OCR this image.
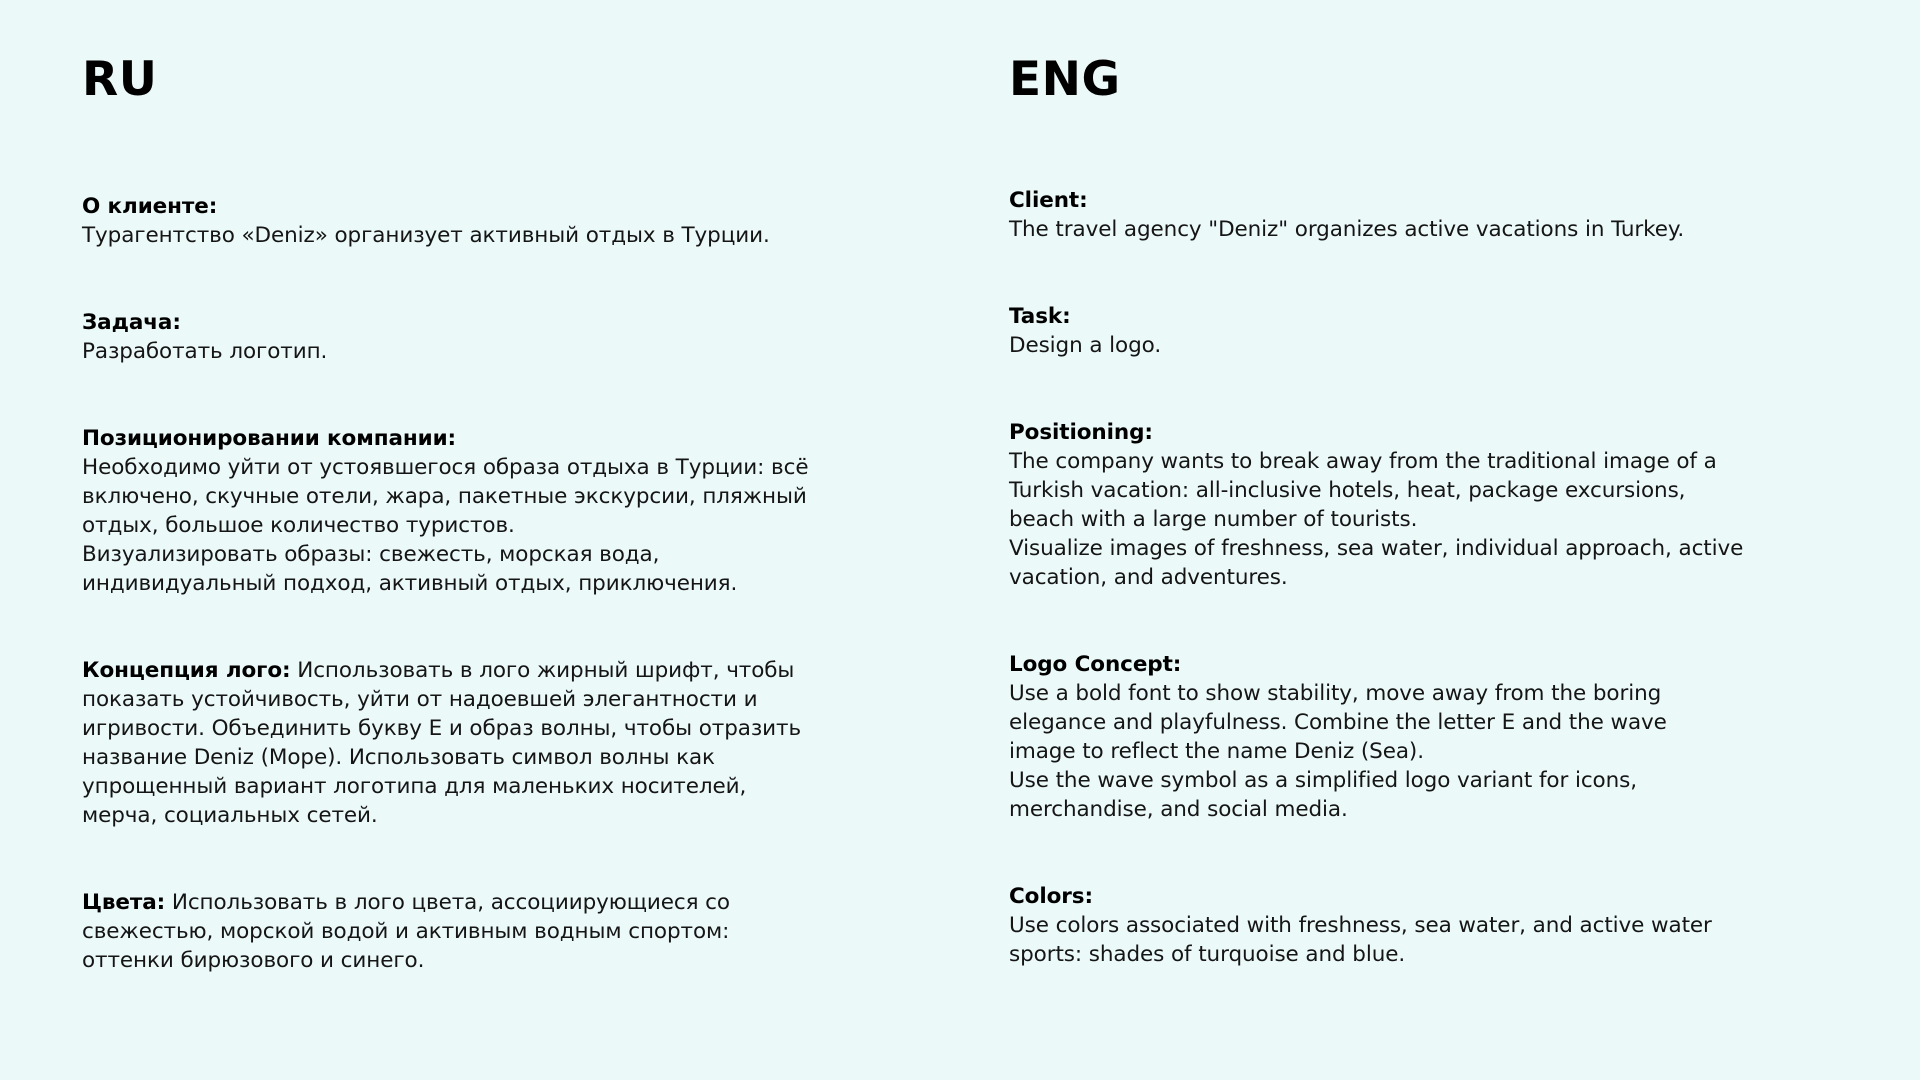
RU
О клиенте:
Турагентство «Deniz» организует активный отдых в Турции.
Задача:
Разработать логотип.
Позиционировании компании:
Необходимо уйти от устоявшегося образа отдыха в Турции: всё
включено, скучные отели, жара, пакетные экскурсии, пляжный
отдых, большое количество туристов.
Визуализировать образы: свежесть, морская вода,
индивидуальный подход, активный отдых, приключения.
Концепция лого: Использовать в лого жирный шрифт, чтобы
показать устойчивость, уйти от надоевшей элегантности и
игривости. Объединить букву Е и образ волны, чтобы отразить
название Deniz (Море). Использовать символ волны как
упрощенный вариант логотипа для маленьких носителей,
мерча, социальных сетей.
Цвета: Использовать в лого цвета, ассоциирующиеся со
свежестью, морской водой и активным водным спортом:
оттенки бирюзового и синего.
ENG
Client:
The travel agency "Deniz" organizes active vacations in Turkey.
Task:
Design a logo.
Positioning:
The company wants to break away from the traditional image of a
Turkish vacation: all-inclusive hotels, heat, package excursions,
beach with a large number of tourists.
Visualize images of freshness, sea water, individual approach, active
vacation, and adventures.
Logo Concept:
Use a bold font to show stability, move away from the boring
elegance and playfulness. Combine the letter E and the wave
image to reflect the name Deniz (Sea).
Use the wave symbol as a simplified logo variant for icons,
merchandise, and social media.
Colors:
Use colors associated with freshness, sea water, and active water
sports: shades of turquoise and blue.
